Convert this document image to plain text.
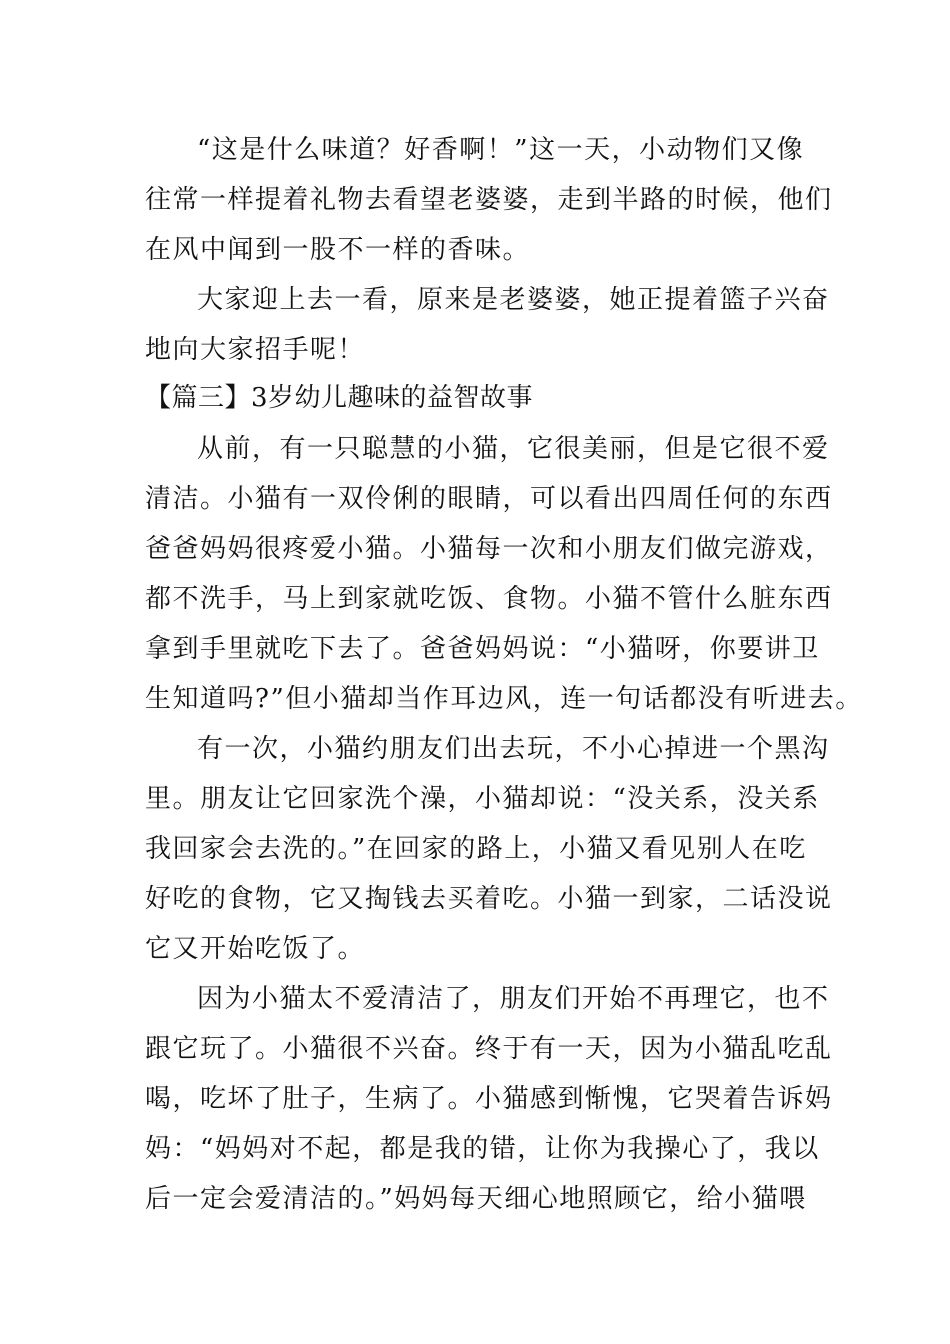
“这是什么味道？好香啊！”这一天，小动物们又像
往常一样提着礼物去看望老婆婆，走到半路的时候，他们
在风中闻到一股不一样的香味。
大家迎上去一看，原来是老婆婆，她正提着篮子兴奋
地向大家招手呢！
【篇三】3岁幼儿趣味的益智故事
从前，有一只聪慧的小猫，它很美丽，但是它很不爱
清洁。小猫有一双伶俐的眼睛，可以看出四周任何的东西
爸爸妈妈很疼爱小猫。小猫每一次和小朋友们做完游戏，
都不洗手，马上到家就吃饭、食物。小猫不管什么脏东西
拿到手里就吃下去了。爸爸妈妈说：“小猫呀，你要讲卫
生知道吗?”但小猫却当作耳边风，连一句话都没有听进去。
有一次，小猫约朋友们出去玩，不小心掉进一个黑沟
里。朋友让它回家洗个澡，小猫却说：“没关系，没关系
我回家会去洗的。”在回家的路上，小猫又看见别人在吃
好吃的食物，它又掏钱去买着吃。小猫一到家，二话没说
它又开始吃饭了。
因为小猫太不爱清洁了，朋友们开始不再理它，也不
跟它玩了。小猫很不兴奋。终于有一天，因为小猫乱吃乱
喝，吃坏了肚子，生病了。小猫感到惭愧，它哭着告诉妈
妈：“妈妈对不起，都是我的错，让你为我操心了，我以
后一定会爱清洁的。”妈妈每天细心地照顾它，给小猫喂
